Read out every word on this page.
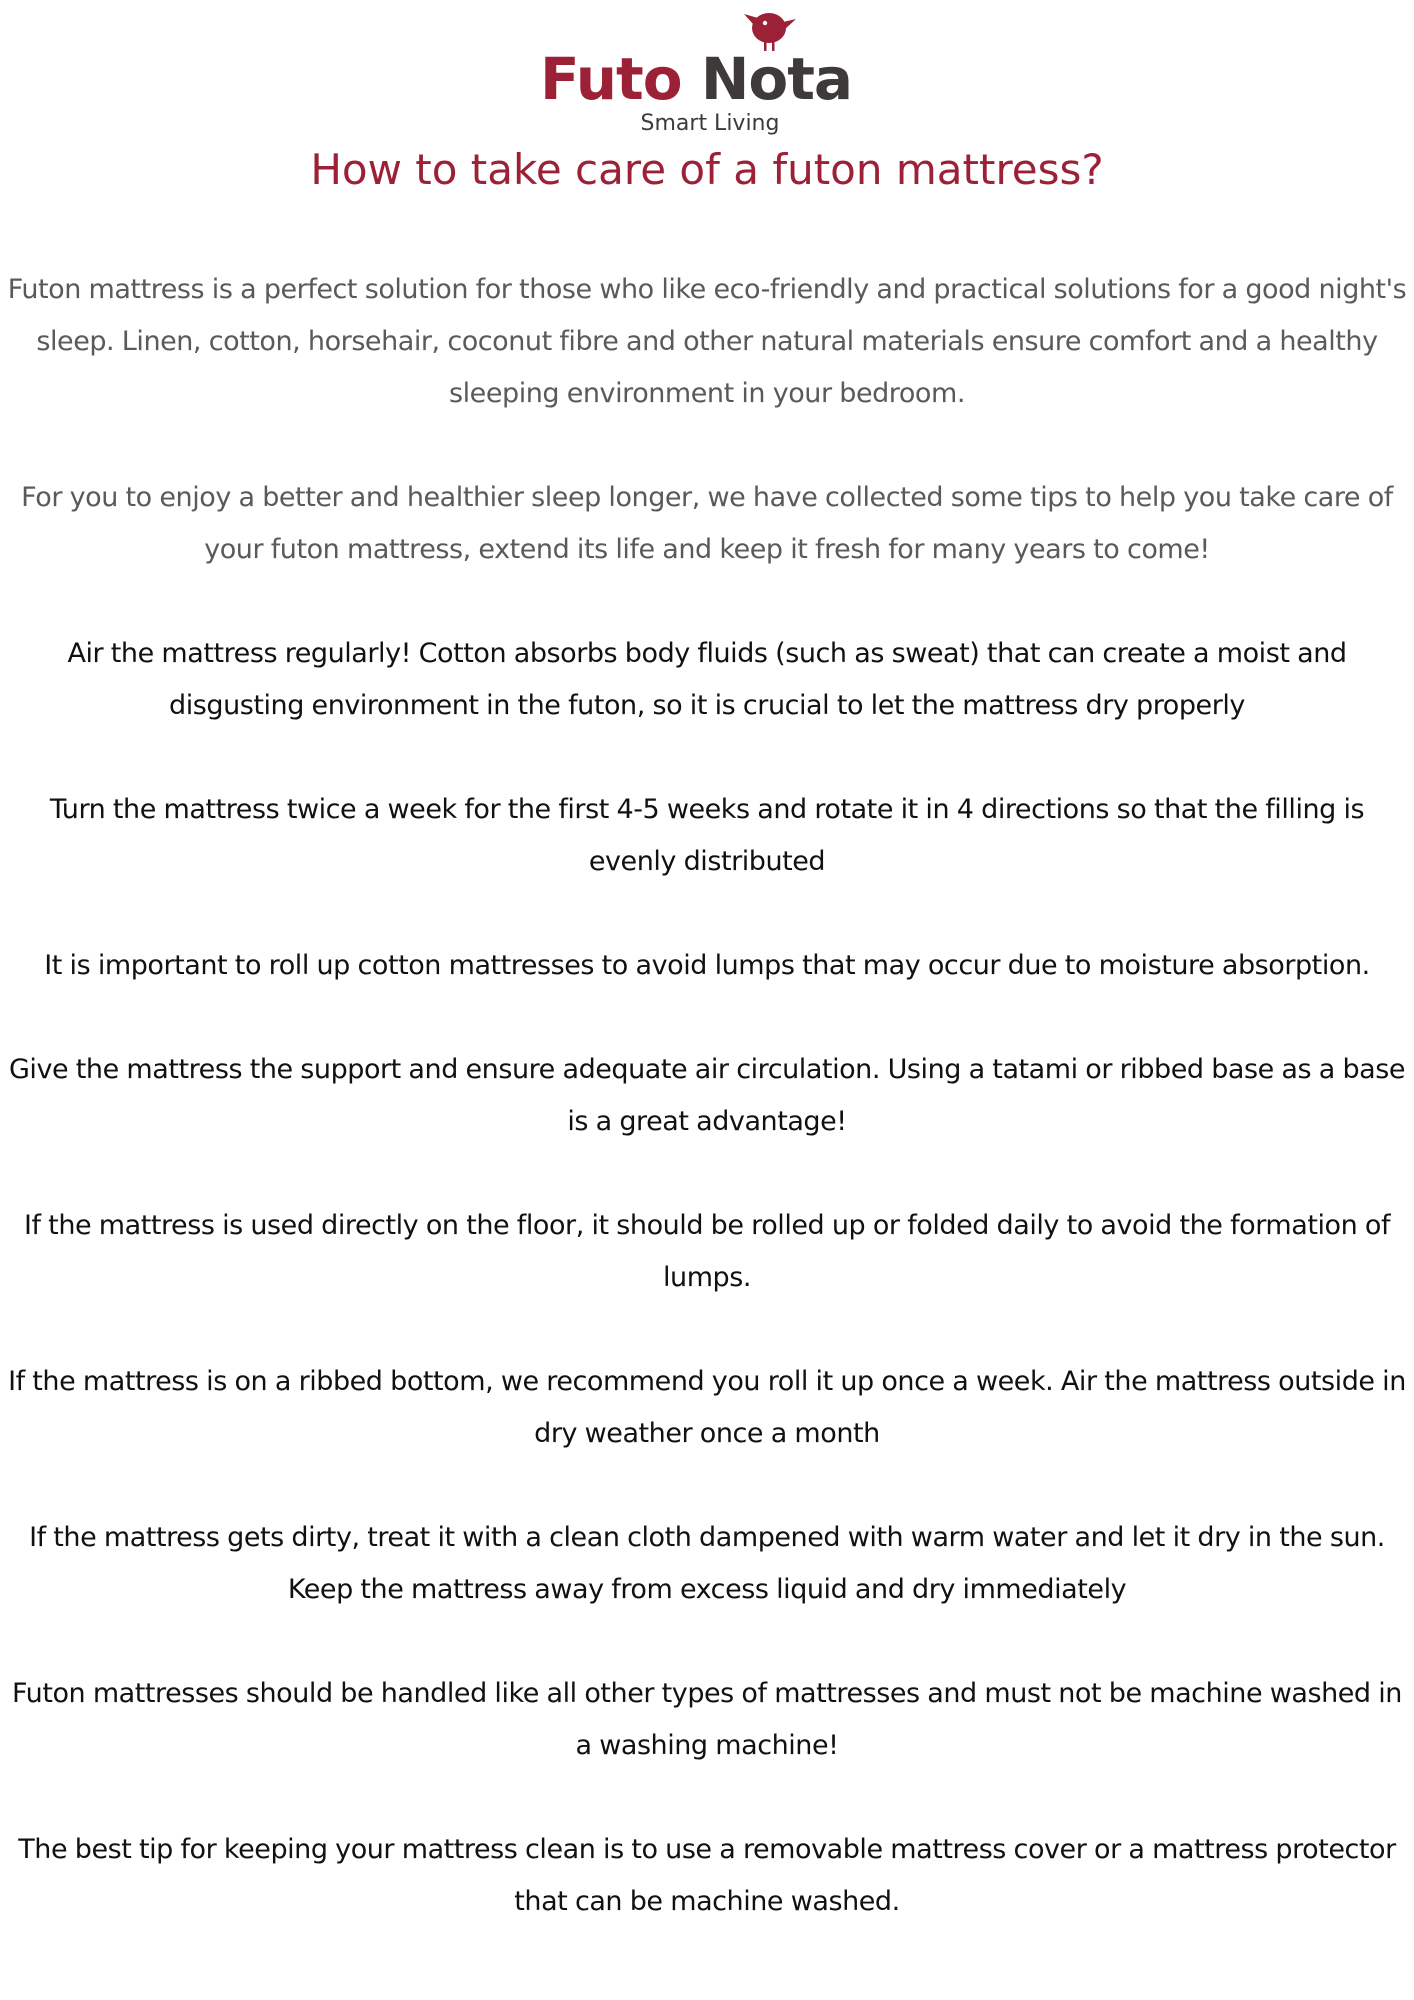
Futo Nota
Smart Living
How to take care of a futon mattress?

Futon mattress is a perfect solution for those who like eco-friendly and practical solutions for a good night's sleep. Linen, cotton, horsehair, coconut fibre and other natural materials ensure comfort and a healthy sleeping environment in your bedroom.

For you to enjoy a better and healthier sleep longer, we have collected some tips to help you take care of your futon mattress, extend its life and keep it fresh for many years to come!

Air the mattress regularly! Cotton absorbs body fluids (such as sweat) that can create a moist and disgusting environment in the futon, so it is crucial to let the mattress dry properly

Turn the mattress twice a week for the first 4-5 weeks and rotate it in 4 directions so that the filling is evenly distributed

It is important to roll up cotton mattresses to avoid lumps that may occur due to moisture absorption.

Give the mattress the support and ensure adequate air circulation. Using a tatami or ribbed base as a base is a great advantage!

If the mattress is used directly on the floor, it should be rolled up or folded daily to avoid the formation of lumps.

If the mattress is on a ribbed bottom, we recommend you roll it up once a week. Air the mattress outside in dry weather once a month

If the mattress gets dirty, treat it with a clean cloth dampened with warm water and let it dry in the sun. Keep the mattress away from excess liquid and dry immediately

Futon mattresses should be handled like all other types of mattresses and must not be machine washed in a washing machine!

The best tip for keeping your mattress clean is to use a removable mattress cover or a mattress protector that can be machine washed.
